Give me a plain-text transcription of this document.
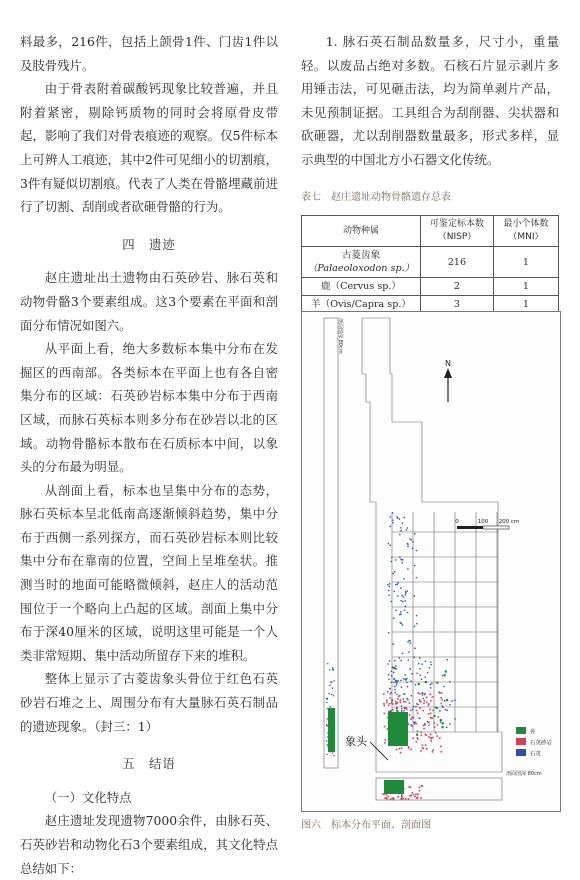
料最多，216件，包括上颌骨1件、门齿1件以及肢骨残片。

由于骨表附着碳酸钙现象比较普遍，并且附着紧密，剔除钙质物的同时会将原骨皮带起，影响了我们对骨表痕迹的观察。仅5件标本上可辨人工痕迹，其中2件可见细小的切割痕，3件有疑似切割痕。代表了人类在骨骼埋藏前进行了切割、刮削或者砍砸骨骼的行为。

四　遗迹

赵庄遗址出土遗物由石英砂岩、脉石英和动物骨骼3个要素组成。这3个要素在平面和剖面分布情况如图六。

从平面上看，绝大多数标本集中分布在发掘区的西南部。各类标本在平面上也有各自密集分布的区域：石英砂岩标本集中分布于西南区域，而脉石英标本则多分布在砂岩以北的区域。动物骨骼标本散布在石质标本中间，以象头的分布最为明显。

从剖面上看，标本也呈集中分布的态势，脉石英标本呈北低南高逐渐倾斜趋势，集中分布于西侧一系列探方，而石英砂岩标本则比较集中分布在靠南的位置，空间上呈堆垒状。推测当时的地面可能略微倾斜，赵庄人的活动范围位于一个略向上凸起的区域。剖面上集中分布于深40厘米的区域，说明这里可能是一个人类非常短期、集中活动所留存下来的堆积。

整体上显示了古菱齿象头骨位于红色石英砂岩石堆之上、周围分布有大量脉石英石制品的遗迹现象。（封三：1）

五　结语

（一）文化特点

赵庄遗址发现遗物7000余件，由脉石英、石英砂岩和动物化石3个要素组成，其文化特点总结如下：

1. 脉石英石制品数量多，尺寸小，重量轻。以废品占绝对多数。石核石片显示剥片多用锤击法，可见砸击法，均为简单剥片产品，未见预制证据。工具组合为刮削器、尖状器和砍砸器，尤以刮削器数量最多，形式多样，显示典型的中国北方小石器文化传统。

表七　赵庄遗址动物骨骼遗存总表
动物种属	可鉴定标本数（NISP）	最小个体数（MNI）

古菱齿象
（Palaeoloxodon sp.）	216	1
鹿（Cervus sp.）	2	1
羊（Ovis/Capra sp.）	3	1

N
0	100 200 cm
剖面图深 80cm
剖面图深 80cm
象头
骨
石英砂岩
石英
图六　标本分布平面、剖面图
